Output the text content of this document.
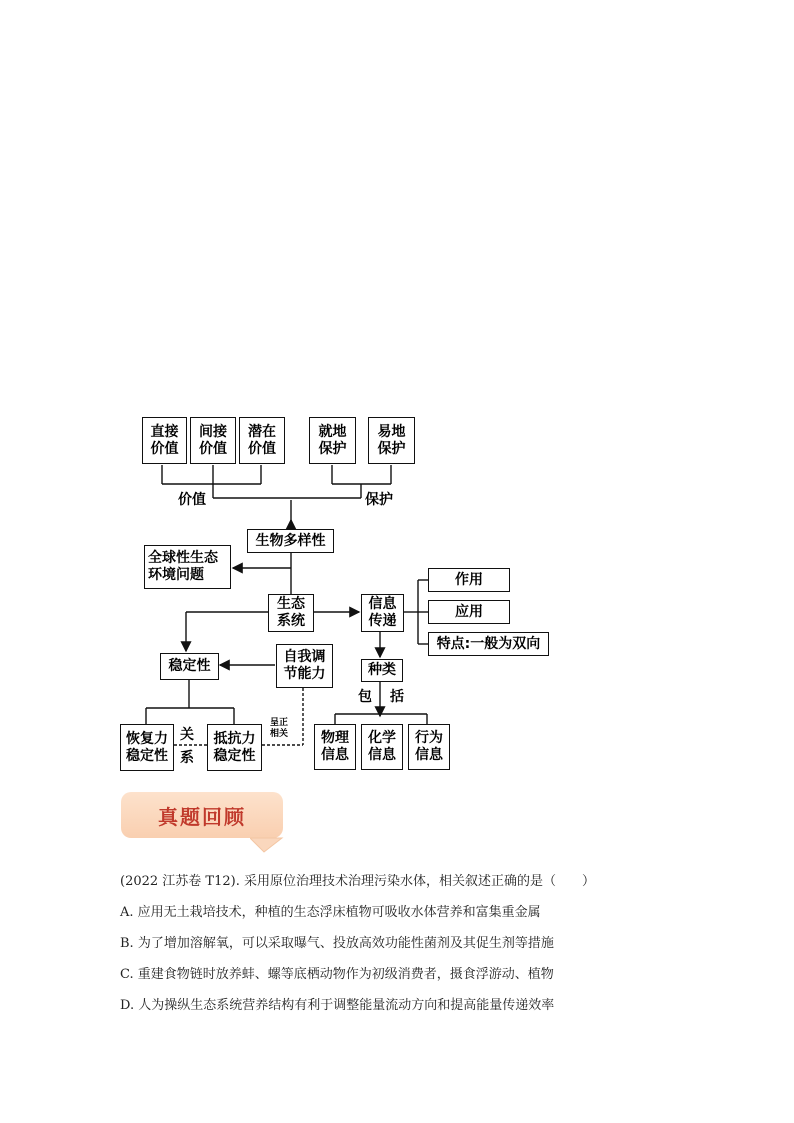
直接
价值
间接
价值
潜在
价值
就地
保护
易地
保护
价值	保护
生物多样性
全球性生态
环境问题
生态
系统
信息
传递
作用
应用
特点:一般为双向
种类
包 括
物理
信息
化学
信息
行为
信息
稳定性
自我调
节能力
恢复力
稳定性
抵抗力
稳定性
关
系
呈正
相关
真题回顾
(2022 江苏卷 T12). 采用原位治理技术治理污染水体，相关叙述正确的是（　　）
A. 应用无土栽培技术，种植的生态浮床植物可吸收水体营养和富集重金属
B. 为了增加溶解氧，可以采取曝气、投放高效功能性菌剂及其促生剂等措施
C. 重建食物链时放养蚌、螺等底栖动物作为初级消费者，摄食浮游动、植物
D. 人为操纵生态系统营养结构有利于调整能量流动方向和提高能量传递效率
